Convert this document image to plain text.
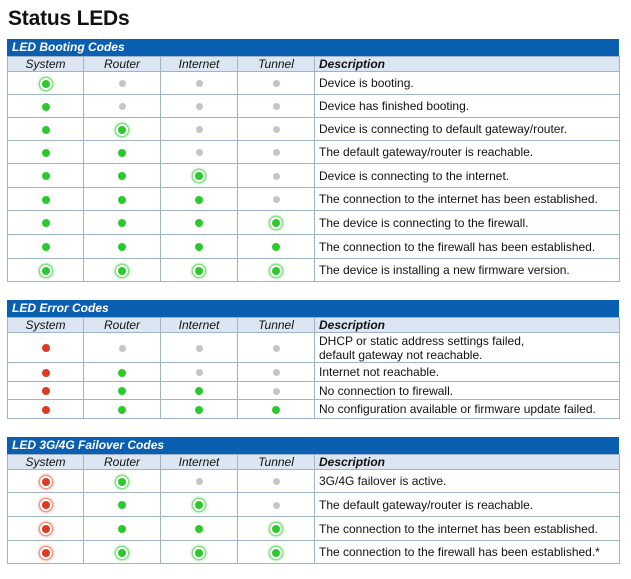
Status LEDs
LED Booting Codes
System	Router	Internet	Tunnel	Description
				Device is booting.
				Device has finished booting.
				Device is connecting to default gateway/router.
				The default gateway/router is reachable.
				Device is connecting to the internet.
				The connection to the internet has been established.
				The device is connecting to the firewall.
				The connection to the firewall has been established.
				The device is installing a new firmware version.
LED Error Codes
System	Router	Internet	Tunnel	Description
				DHCP or static address settings failed,
default gateway not reachable.
				Internet not reachable.
				No connection to firewall.
				No configuration available or firmware update failed.
LED 3G/4G Failover Codes
System	Router	Internet	Tunnel	Description
				3G/4G failover is active.
				The default gateway/router is reachable.
				The connection to the internet has been established.
				The connection to the firewall has been established.*
